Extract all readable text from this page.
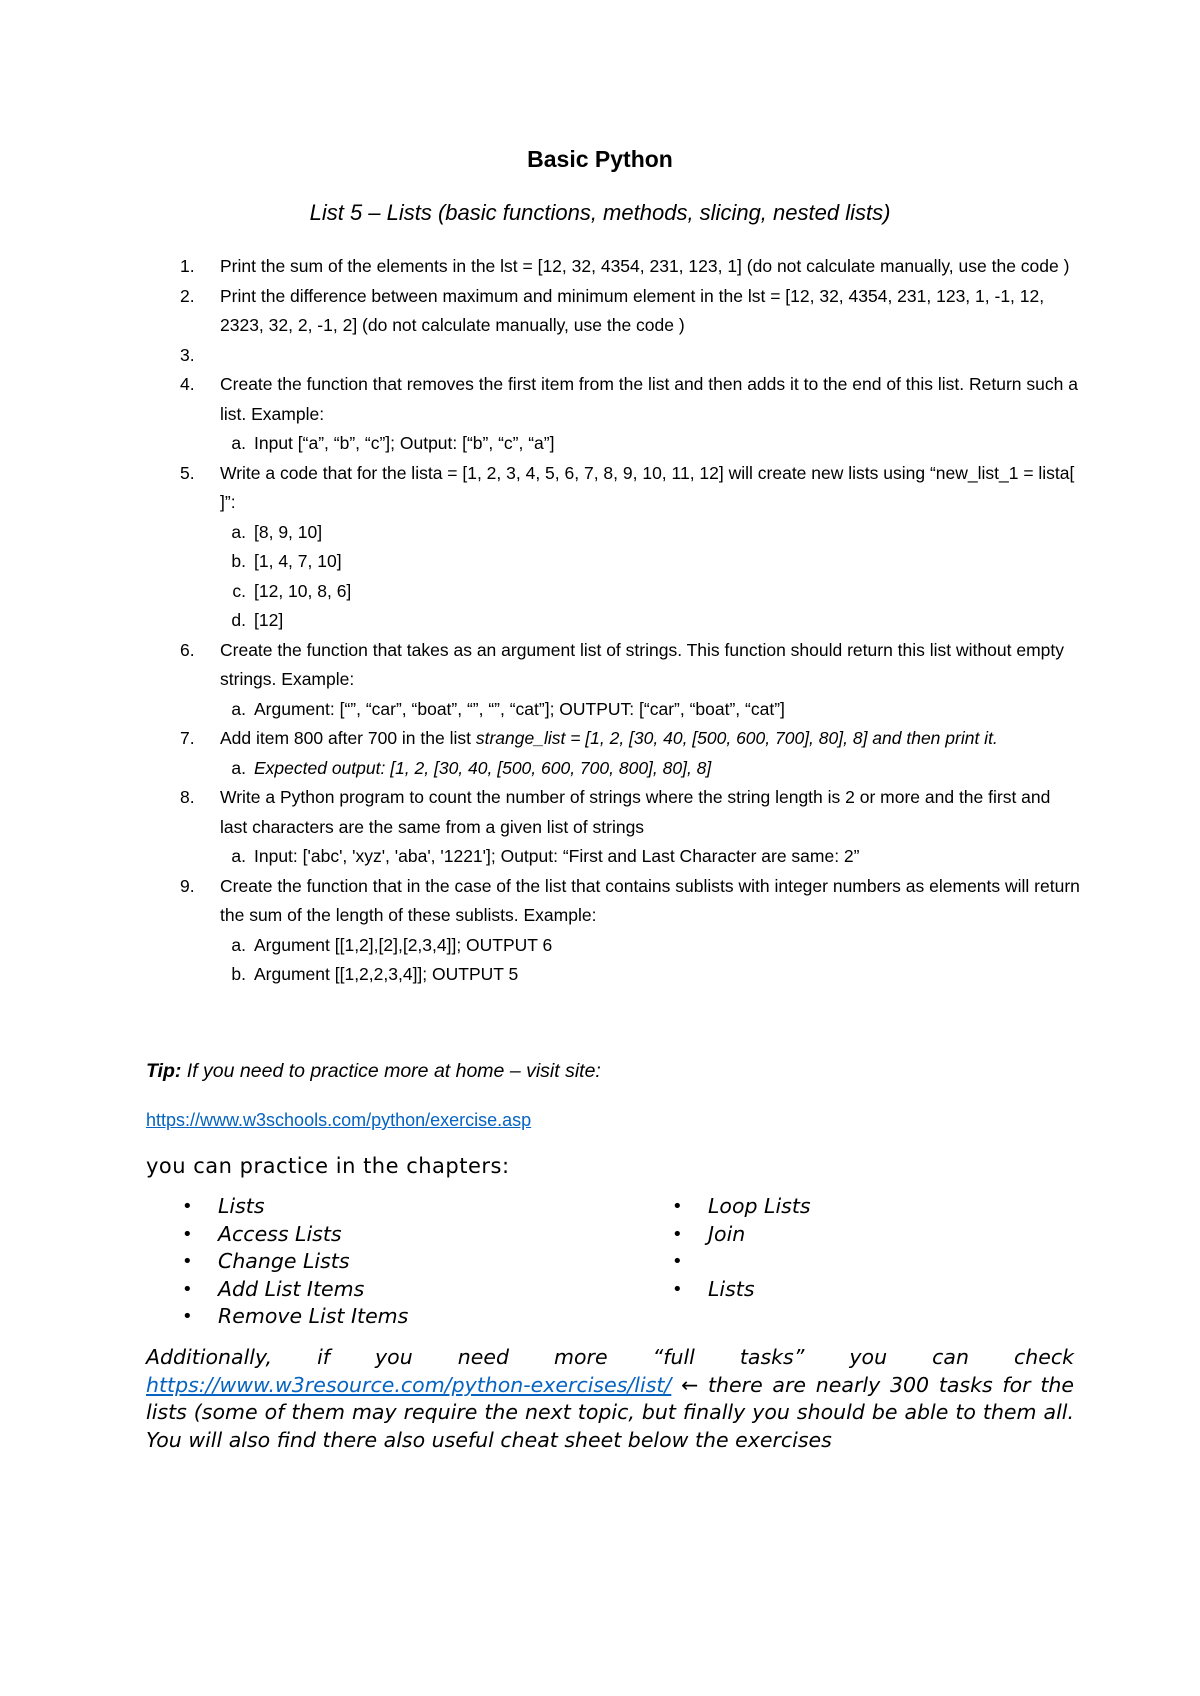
Basic Python
List 5 – Lists (basic functions, methods, slicing, nested lists)
1. Print the sum of the elements in the lst = [12, 32, 4354, 231, 123, 1] (do not calculate manually, use the code )
2. Print the difference between maximum and minimum element in the lst = [12, 32, 4354, 231, 123, 1, -1, 12, 2323, 32, 2, -1, 2] (do not calculate manually, use the code )
3.
4. Create the function that removes the first item from the list and then adds it to the end of this list. Return such a list. Example:
a. Input [“a”, “b”, “c”]; Output: [“b”, “c”, “a”]
5. Write a code that for the lista = [1, 2, 3, 4, 5, 6, 7, 8, 9, 10, 11, 12] will create new lists using “new_list_1 = lista[ ]”:
a. [8, 9, 10]
b. [1, 4, 7, 10]
c. [12, 10, 8, 6]
d. [12]
6. Create the function that takes as an argument list of strings. This function should return this list without empty strings. Example:
a. Argument: [“”, “car”, “boat”, “”, “”, “cat”]; OUTPUT: [“car”, “boat”, “cat”]
7. Add item 800 after 700 in the list strange_list = [1, 2, [30, 40, [500, 600, 700], 80], 8] and then print it.
a. Expected output: [1, 2, [30, 40, [500, 600, 700, 800], 80], 8]
8. Write a Python program to count the number of strings where the string length is 2 or more and the first and last characters are the same from a given list of strings
a. Input: ['abc', 'xyz', 'aba', '1221']; Output: “First and Last Character are same: 2”
9. Create the function that in the case of the list that contains sublists with integer numbers as elements will return the sum of the length of these sublists. Example:
a. Argument [[1,2],[2],[2,3,4]]; OUTPUT 6
b. Argument [[1,2,2,3,4]]; OUTPUT 5
Tip: If you need to practice more at home – visit site:
https://www.w3schools.com/python/exercise.asp
you can practice in the chapters:
• Lists
• Access Lists
• Change Lists
• Add List Items
• Remove List Items
• Loop Lists
• Join
•
• Lists
Additionally, if you need more “full tasks” you can check https://www.w3resource.com/python-exercises/list/ ← there are nearly 300 tasks for the lists (some of them may require the next topic, but finally you should be able to them all. You will also find there also useful cheat sheet below the exercises
